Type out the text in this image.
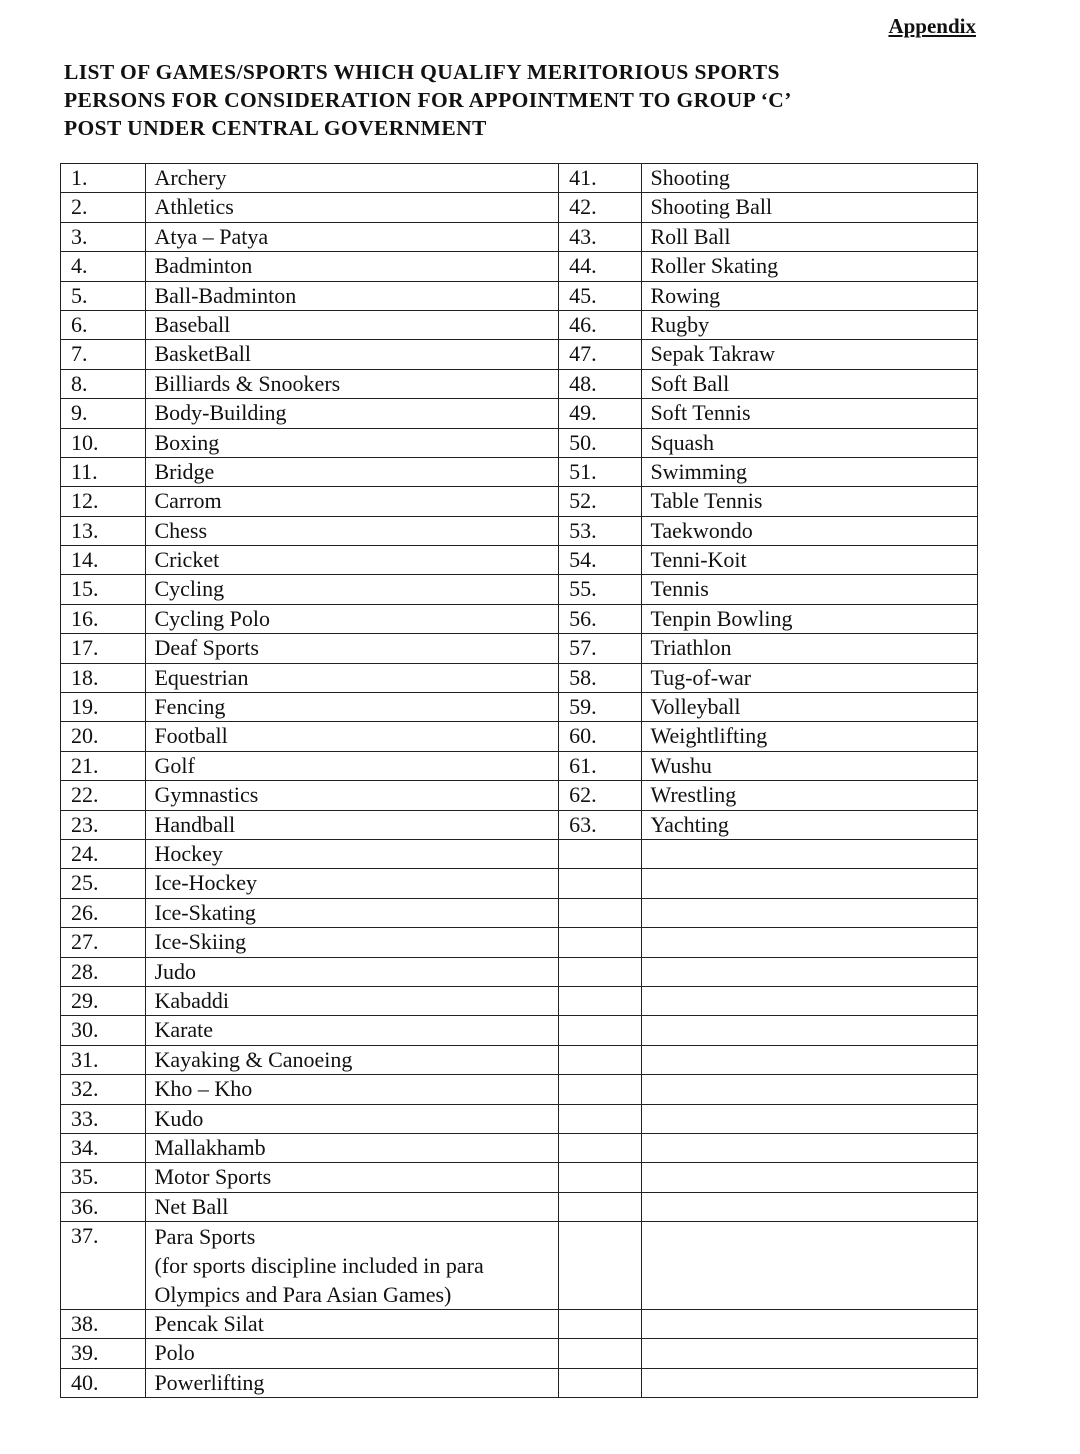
Appendix
LIST OF GAMES/SPORTS WHICH QUALIFY MERITORIOUS SPORTS
PERSONS FOR CONSIDERATION FOR APPOINTMENT TO GROUP ‘C’
POST UNDER CENTRAL GOVERNMENT
1.	Archery	41.	Shooting
2.	Athletics	42.	Shooting Ball
3.	Atya – Patya	43.	Roll Ball
4.	Badminton	44.	Roller Skating
5.	Ball-Badminton	45.	Rowing
6.	Baseball	46.	Rugby
7.	BasketBall	47.	Sepak Takraw
8.	Billiards & Snookers	48.	Soft Ball
9.	Body-Building	49.	Soft Tennis
10.	Boxing	50.	Squash
11.	Bridge	51.	Swimming
12.	Carrom	52.	Table Tennis
13.	Chess	53.	Taekwondo
14.	Cricket	54.	Tenni-Koit
15.	Cycling	55.	Tennis
16.	Cycling Polo	56.	Tenpin Bowling
17.	Deaf Sports	57.	Triathlon
18.	Equestrian	58.	Tug-of-war
19.	Fencing	59.	Volleyball
20.	Football	60.	Weightlifting
21.	Golf	61.	Wushu
22.	Gymnastics	62.	Wrestling
23.	Handball	63.	Yachting
24.	Hockey		
25.	Ice-Hockey		
26.	Ice-Skating		
27.	Ice-Skiing		
28.	Judo		
29.	Kabaddi		
30.	Karate		
31.	Kayaking & Canoeing		
32.	Kho – Kho		
33.	Kudo		
34.	Mallakhamb		
35.	Motor Sports		
36.	Net Ball		
37.	Para Sports
(for sports discipline included in para Olympics and Para Asian Games)		
38.	Pencak Silat		
39.	Polo		
40.	Powerlifting		
